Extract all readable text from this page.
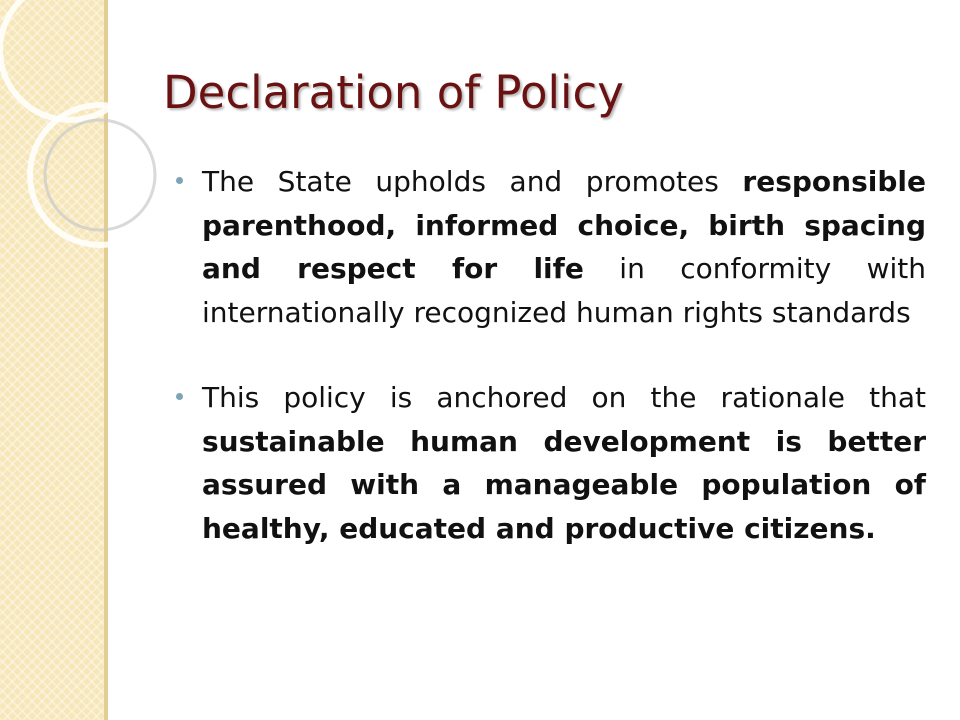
Declaration of Policy
The State upholds and promotes responsible parenthood, informed choice, birth spacing and respect for life in conformity with internationally recognized human rights standards
This policy is anchored on the rationale that sustainable human development is better assured with a manageable population of healthy, educated and productive citizens.
